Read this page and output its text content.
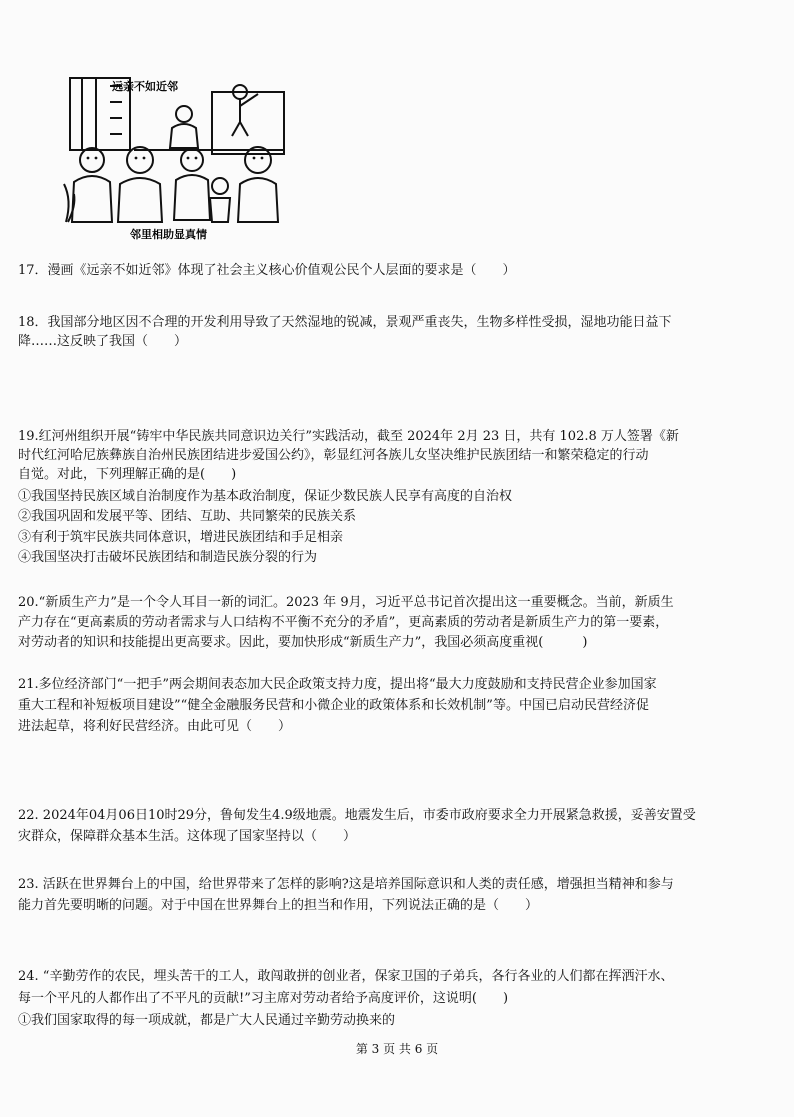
远亲不如近邻
邻里相助显真情
17．漫画《远亲不如近邻》体现了社会主义核心价值观公民个人层面的要求是（　　）
18．我国部分地区因不合理的开发利用导致了天然湿地的锐减，景观严重丧失，生物多样性受损，湿地功能日益下
降……这反映了我国（　　）
19.红河州组织开展“铸牢中华民族共同意识边关行”实践活动，截至 2024年 2月 23 日，共有 102.8 万人签署《新
时代红河哈尼族彝族自治州民族团结进步爱国公约》，彰显红河各族儿女坚决维护民族团结一和繁荣稳定的行动
自觉。对此，下列理解正确的是(　　)
①我国坚持民族区域自治制度作为基本政治制度，保证少数民族人民享有高度的自治权
②我国巩固和发展平等、团结、互助、共同繁荣的民族关系
③有利于筑牢民族共同体意识，增进民族团结和手足相亲
④我国坚决打击破坏民族团结和制造民族分裂的行为
20.“新质生产力”是一个令人耳目一新的词汇。2023 年 9月，习近平总书记首次提出这一重要概念。当前，新质生
产力存在“更高素质的劳动者需求与人口结构不平衡不充分的矛盾”，更高素质的劳动者是新质生产力的第一要素，
对劳动者的知识和技能提出更高要求。因此，要加快形成“新质生产力”，我国必须高度重视(　　　)
21.多位经济部门“一把手”两会期间表态加大民企政策支持力度，提出将“最大力度鼓励和支持民营企业参加国家
重大工程和补短板项目建设”“健全金融服务民营和小微企业的政策体系和长效机制”等。中国已启动民营经济促
进法起草，将利好民营经济。由此可见（　　）
22. 2024年04月06日10时29分，鲁甸发生4.9级地震。地震发生后，市委市政府要求全力开展紧急救援，妥善安置受
灾群众，保障群众基本生活。这体现了国家坚持以（　　）
23. 活跃在世界舞台上的中国，给世界带来了怎样的影响?这是培养国际意识和人类的责任感，增强担当精神和参与
能力首先要明晰的问题。对于中国在世界舞台上的担当和作用，下列说法正确的是（　　）
24. “辛勤劳作的农民，埋头苦干的工人，敢闯敢拼的创业者，保家卫国的子弟兵，各行各业的人们都在挥洒汗水、
每一个平凡的人都作出了不平凡的贡献!”习主席对劳动者给予高度评价，这说明(　　)
①我们国家取得的每一项成就，都是广大人民通过辛勤劳动换来的
第 3 页 共 6 页
